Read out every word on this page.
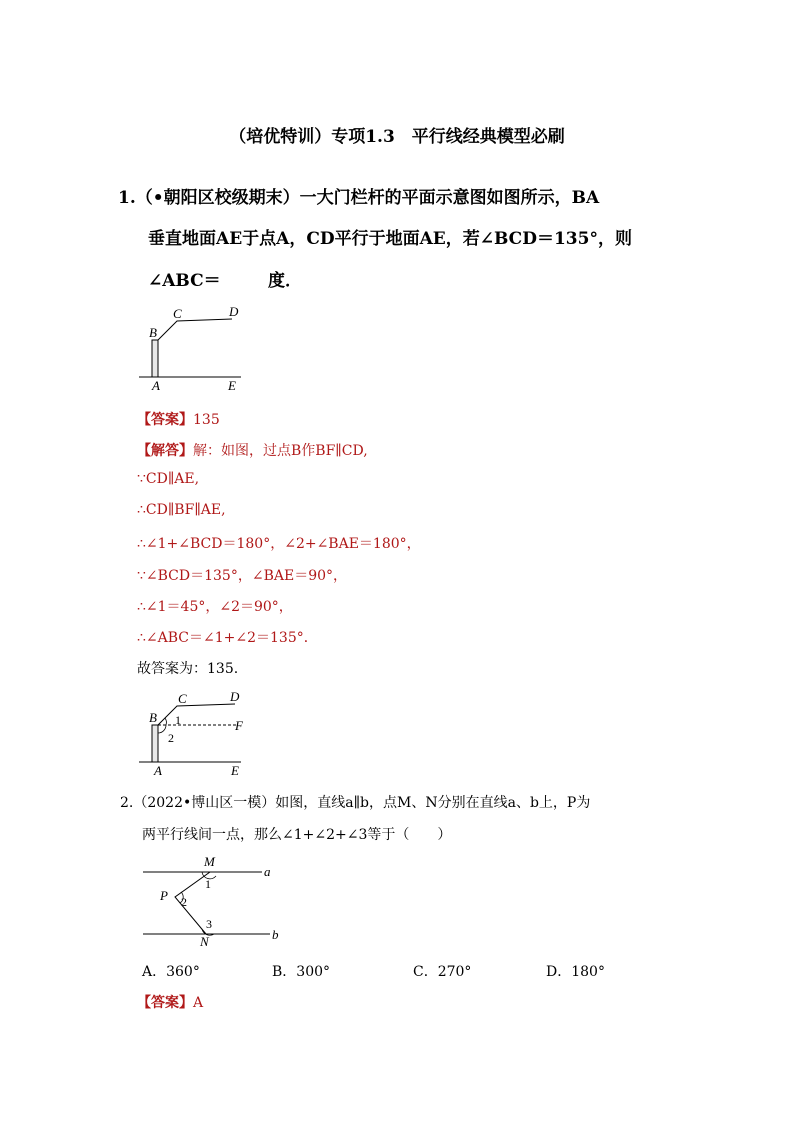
（培优特训）专项1.3　平行线经典模型必刷
1.（•朝阳区校级期末）一大门栏杆的平面示意图如图所示，BA
垂直地面AE于点A，CD平行于地面AE，若∠BCD＝135°，则
∠ABC＝	度．
B
C	D
A	E
【答案】135
【解答】解：如图，过点B作BF∥CD,
∵CD∥AE,
∴CD∥BF∥AE,
∴∠1+∠BCD＝180°，∠2+∠BAE＝180°，
∵∠BCD＝135°，∠BAE＝90°，
∴∠1＝45°，∠2＝90°，
∴∠ABC＝∠1+∠2＝135°．
故答案为：135.
C	D
B 1	F
2
A	E
2.（2022•博山区一模）如图，直线a∥b，点M、N分别在直线a、b上，P为
两平行线间一点，那么∠1+∠2+∠3等于（　　）
M
a
1
P 2
3
N	b
A．360°	B．300°	C．270°	D．180°
【答案】A
